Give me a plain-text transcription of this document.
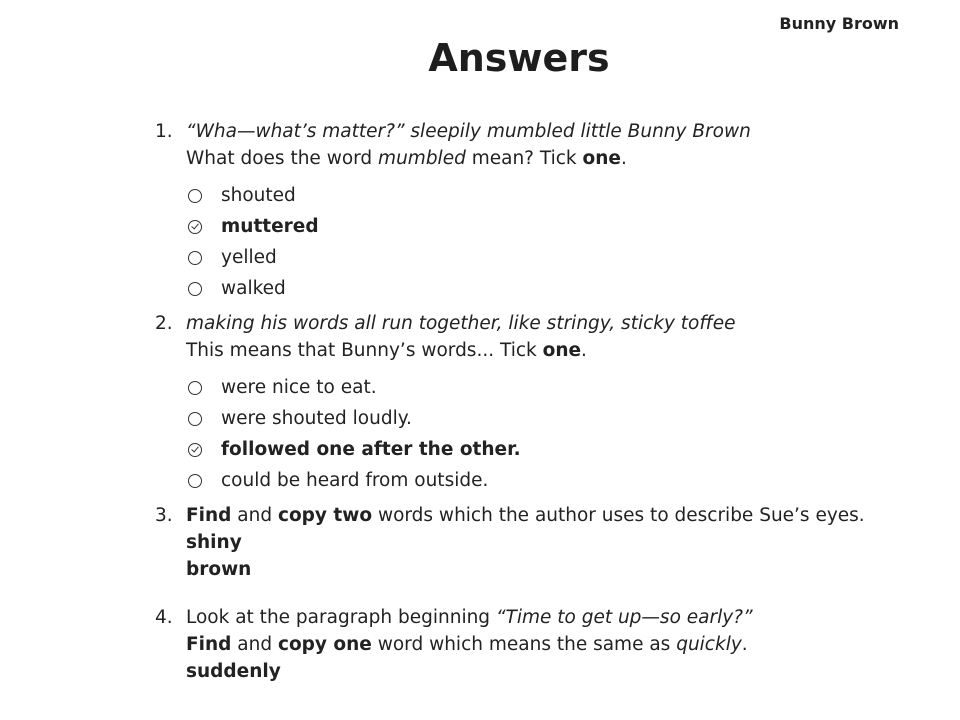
Bunny Brown
Answers
1. “Wha—what’s matter?” sleepily mumbled little Bunny Brown
What does the word mumbled mean? Tick one.
shouted
muttered
yelled
walked
2. making his words all run together, like stringy, sticky toffee
This means that Bunny’s words... Tick one.
were nice to eat.
were shouted loudly.
followed one after the other.
could be heard from outside.
3. Find and copy two words which the author uses to describe Sue’s eyes.
shiny
brown
4. Look at the paragraph beginning “Time to get up—so early?”
Find and copy one word which means the same as quickly.
suddenly
